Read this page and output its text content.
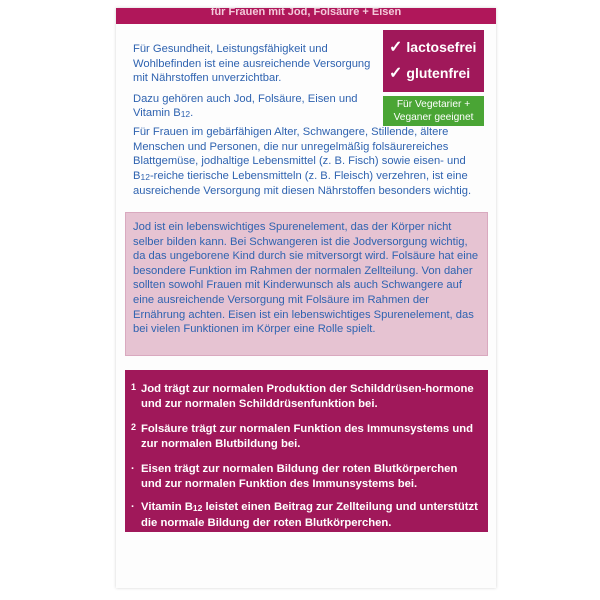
für Frauen mit Jod, Folsäure + Eisen

Für Gesundheit, Leistungsfähigkeit und Wohlbefinden ist eine ausreichende Versorgung mit Nährstoffen unverzichtbar.

Dazu gehören auch Jod, Folsäure, Eisen und Vitamin $B_{12}$.

Für Frauen im gebärfähigen Alter, Schwangere, Stillende, ältere Menschen und Personen, die nur unregelmäßig folsäurereiches Blattgemüse, jodhaltige Lebensmittel (z. B. Fisch) sowie eisen- und $B_{12}$-reiche tierische Lebensmitteln (z. B. Fleisch) verzehren, ist eine ausreichende Versorgung mit diesen Nährstoffen besonders wichtig.
✓ lactosefrei
✓ glutenfrei
Für Vegetarier +
Veganer geeignet
Jod ist ein lebenswichtiges Spurenelement, das der Körper nicht selber bilden kann. Bei Schwangeren ist die Jodversorgung wichtig, da das ungeborene Kind durch sie mitversorgt wird. Folsäure hat eine besondere Funktion im Rahmen der normalen Zellteilung. Von daher sollten sowohl Frauen mit Kinderwunsch als auch Schwangere auf eine ausreichende Versorgung mit Folsäure im Rahmen der Ernährung achten. Eisen ist ein lebenswichtiges Spurenelement, das bei vielen Funktionen im Körper eine Rolle spielt.
1 Jod trägt zur normalen Produktion der Schilddrüsen-hormone und zur normalen Schilddrüsenfunktion bei.
2 Folsäure trägt zur normalen Funktion des Immunsystems und zur normalen Blutbildung bei.
· Eisen trägt zur normalen Bildung der roten Blutkörperchen und zur normalen Funktion des Immunsystems bei.
· Vitamin $B_{12}$ leistet einen Beitrag zur Zellteilung und unterstützt die normale Bildung der roten Blutkörperchen.
